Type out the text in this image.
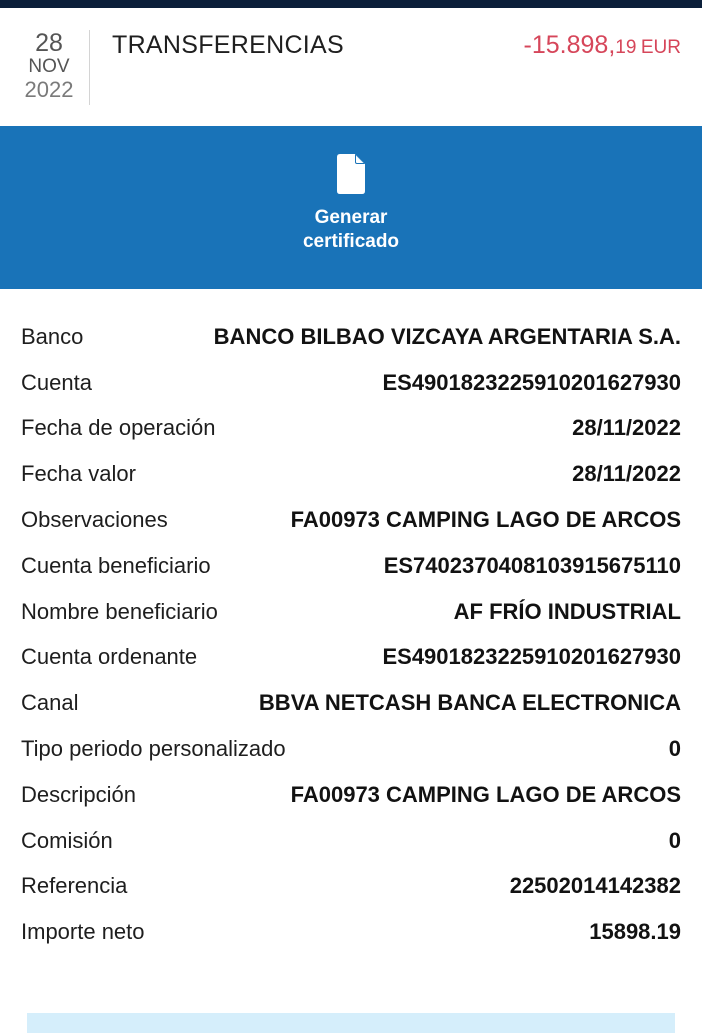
28
NOV
2022
TRANSFERENCIAS	-15.898,19 EUR
Generar
certificado
Banco	BANCO BILBAO VIZCAYA ARGENTARIA S.A.
Cuenta	ES4901823225910201627930
Fecha de operación	28/11/2022
Fecha valor	28/11/2022
Observaciones	FA00973 CAMPING LAGO DE ARCOS
Cuenta beneficiario	ES7402370408103915675110
Nombre beneficiario	AF FRÍO INDUSTRIAL
Cuenta ordenante	ES4901823225910201627930
Canal	BBVA NETCASH BANCA ELECTRONICA
Tipo periodo personalizado	0
Descripción	FA00973 CAMPING LAGO DE ARCOS
Comisión	0
Referencia	22502014142382
Importe neto	15898.19
